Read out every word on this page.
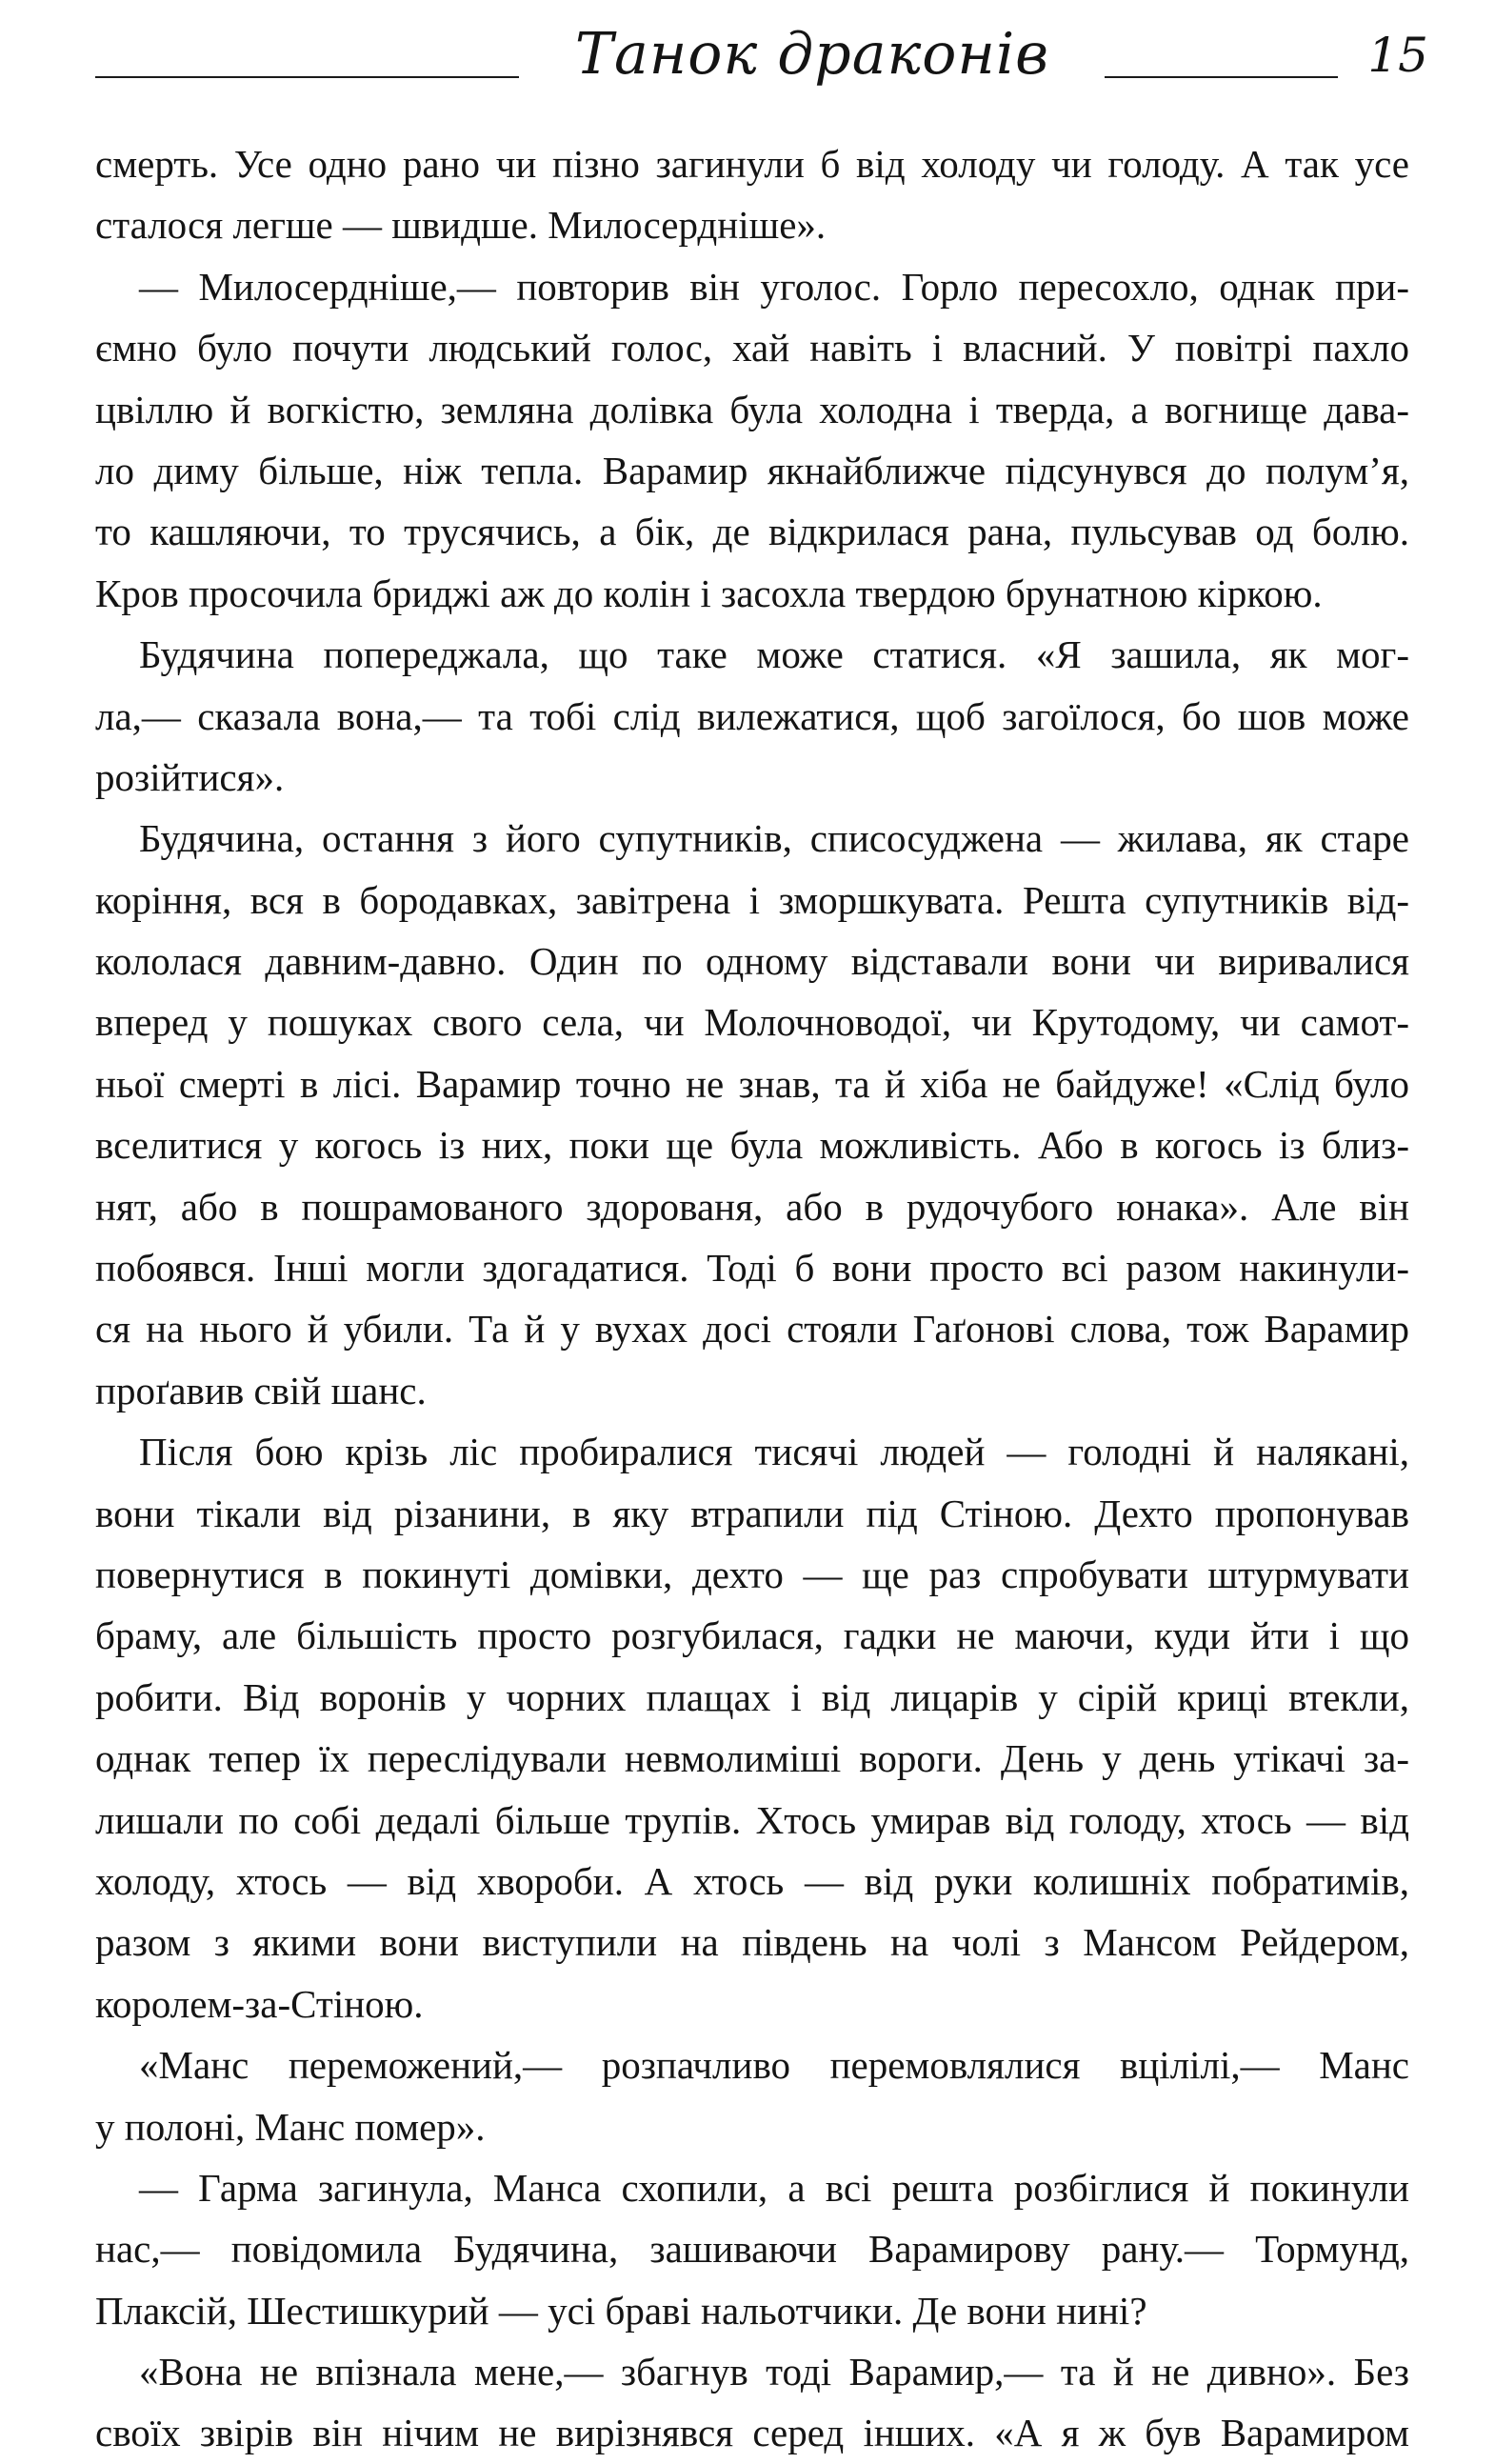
Танок драконів	15
смерть. Усе одно рано чи пізно загинули б від холоду чи голоду. А так усе
сталося легше — швидше. Милосердніше».
— Милосердніше,— повторив він уголос. Горло пересохло, однак при-
ємно було почути людський голос, хай навіть і власний. У повітрі пахло
цвіллю й вогкістю, земляна долівка була холодна і тверда, а вогнище дава-
ло диму більше, ніж тепла. Варамир якнайближче підсунувся до полум’я,
то кашляючи, то трусячись, а бік, де відкрилася рана, пульсував од болю.
Кров просочила бриджі аж до колін і засохла твердою брунатною кіркою.
Будячина попереджала, що таке може статися. «Я зашила, як мог-
ла,— сказала вона,— та тобі слід вилежатися, щоб загоїлося, бо шов може
розійтися».
Будячина, остання з його супутників, списосуджена — жилава, як старе
коріння, вся в бородавках, завітрена і зморшкувата. Решта супутників від-
кололася давним-давно. Один по одному відставали вони чи виривалися
вперед у пошуках свого села, чи Молочноводої, чи Крутодому, чи самот-
ньої смерті в лісі. Варамир точно не знав, та й хіба не байдуже! «Слід було
вселитися у когось із них, поки ще була можливість. Або в когось із близ-
нят, або в пошрамованого здорованя, або в рудочубого юнака». Але він
побоявся. Інші могли здогадатися. Тоді б вони просто всі разом накинули-
ся на нього й убили. Та й у вухах досі стояли Гаґонові слова, тож Варамир
проґавив свій шанс.
Після бою крізь ліс пробиралися тисячі людей — голодні й налякані,
вони тікали від різанини, в яку втрапили під Стіною. Дехто пропонував
повернутися в покинуті домівки, дехто — ще раз спробувати штурмувати
браму, але більшість просто розгубилася, гадки не маючи, куди йти і що
робити. Від воронів у чорних плащах і від лицарів у сірій криці втекли,
однак тепер їх переслідували невмолиміші вороги. День у день утікачі за-
лишали по собі дедалі більше трупів. Хтось умирав від голоду, хтось — від
холоду, хтось — від хвороби. А хтось — від руки колишніх побратимів,
разом з якими вони виступили на південь на чолі з Мансом Рейдером,
королем-за-Стіною.
«Манс переможений,— розпачливо перемовлялися вцілілі,— Манс
у полоні, Манс помер».
— Гарма загинула, Манса схопили, а всі решта розбіглися й покинули
нас,— повідомила Будячина, зашиваючи Варамирову рану.— Тормунд,
Плаксій, Шестишкурий — усі браві нальотчики. Де вони нині?
«Вона не впізнала мене,— збагнув тоді Варамир,— та й не дивно». Без
своїх звірів він нічим не вирізнявся серед інших. «А я ж був Варамиром
